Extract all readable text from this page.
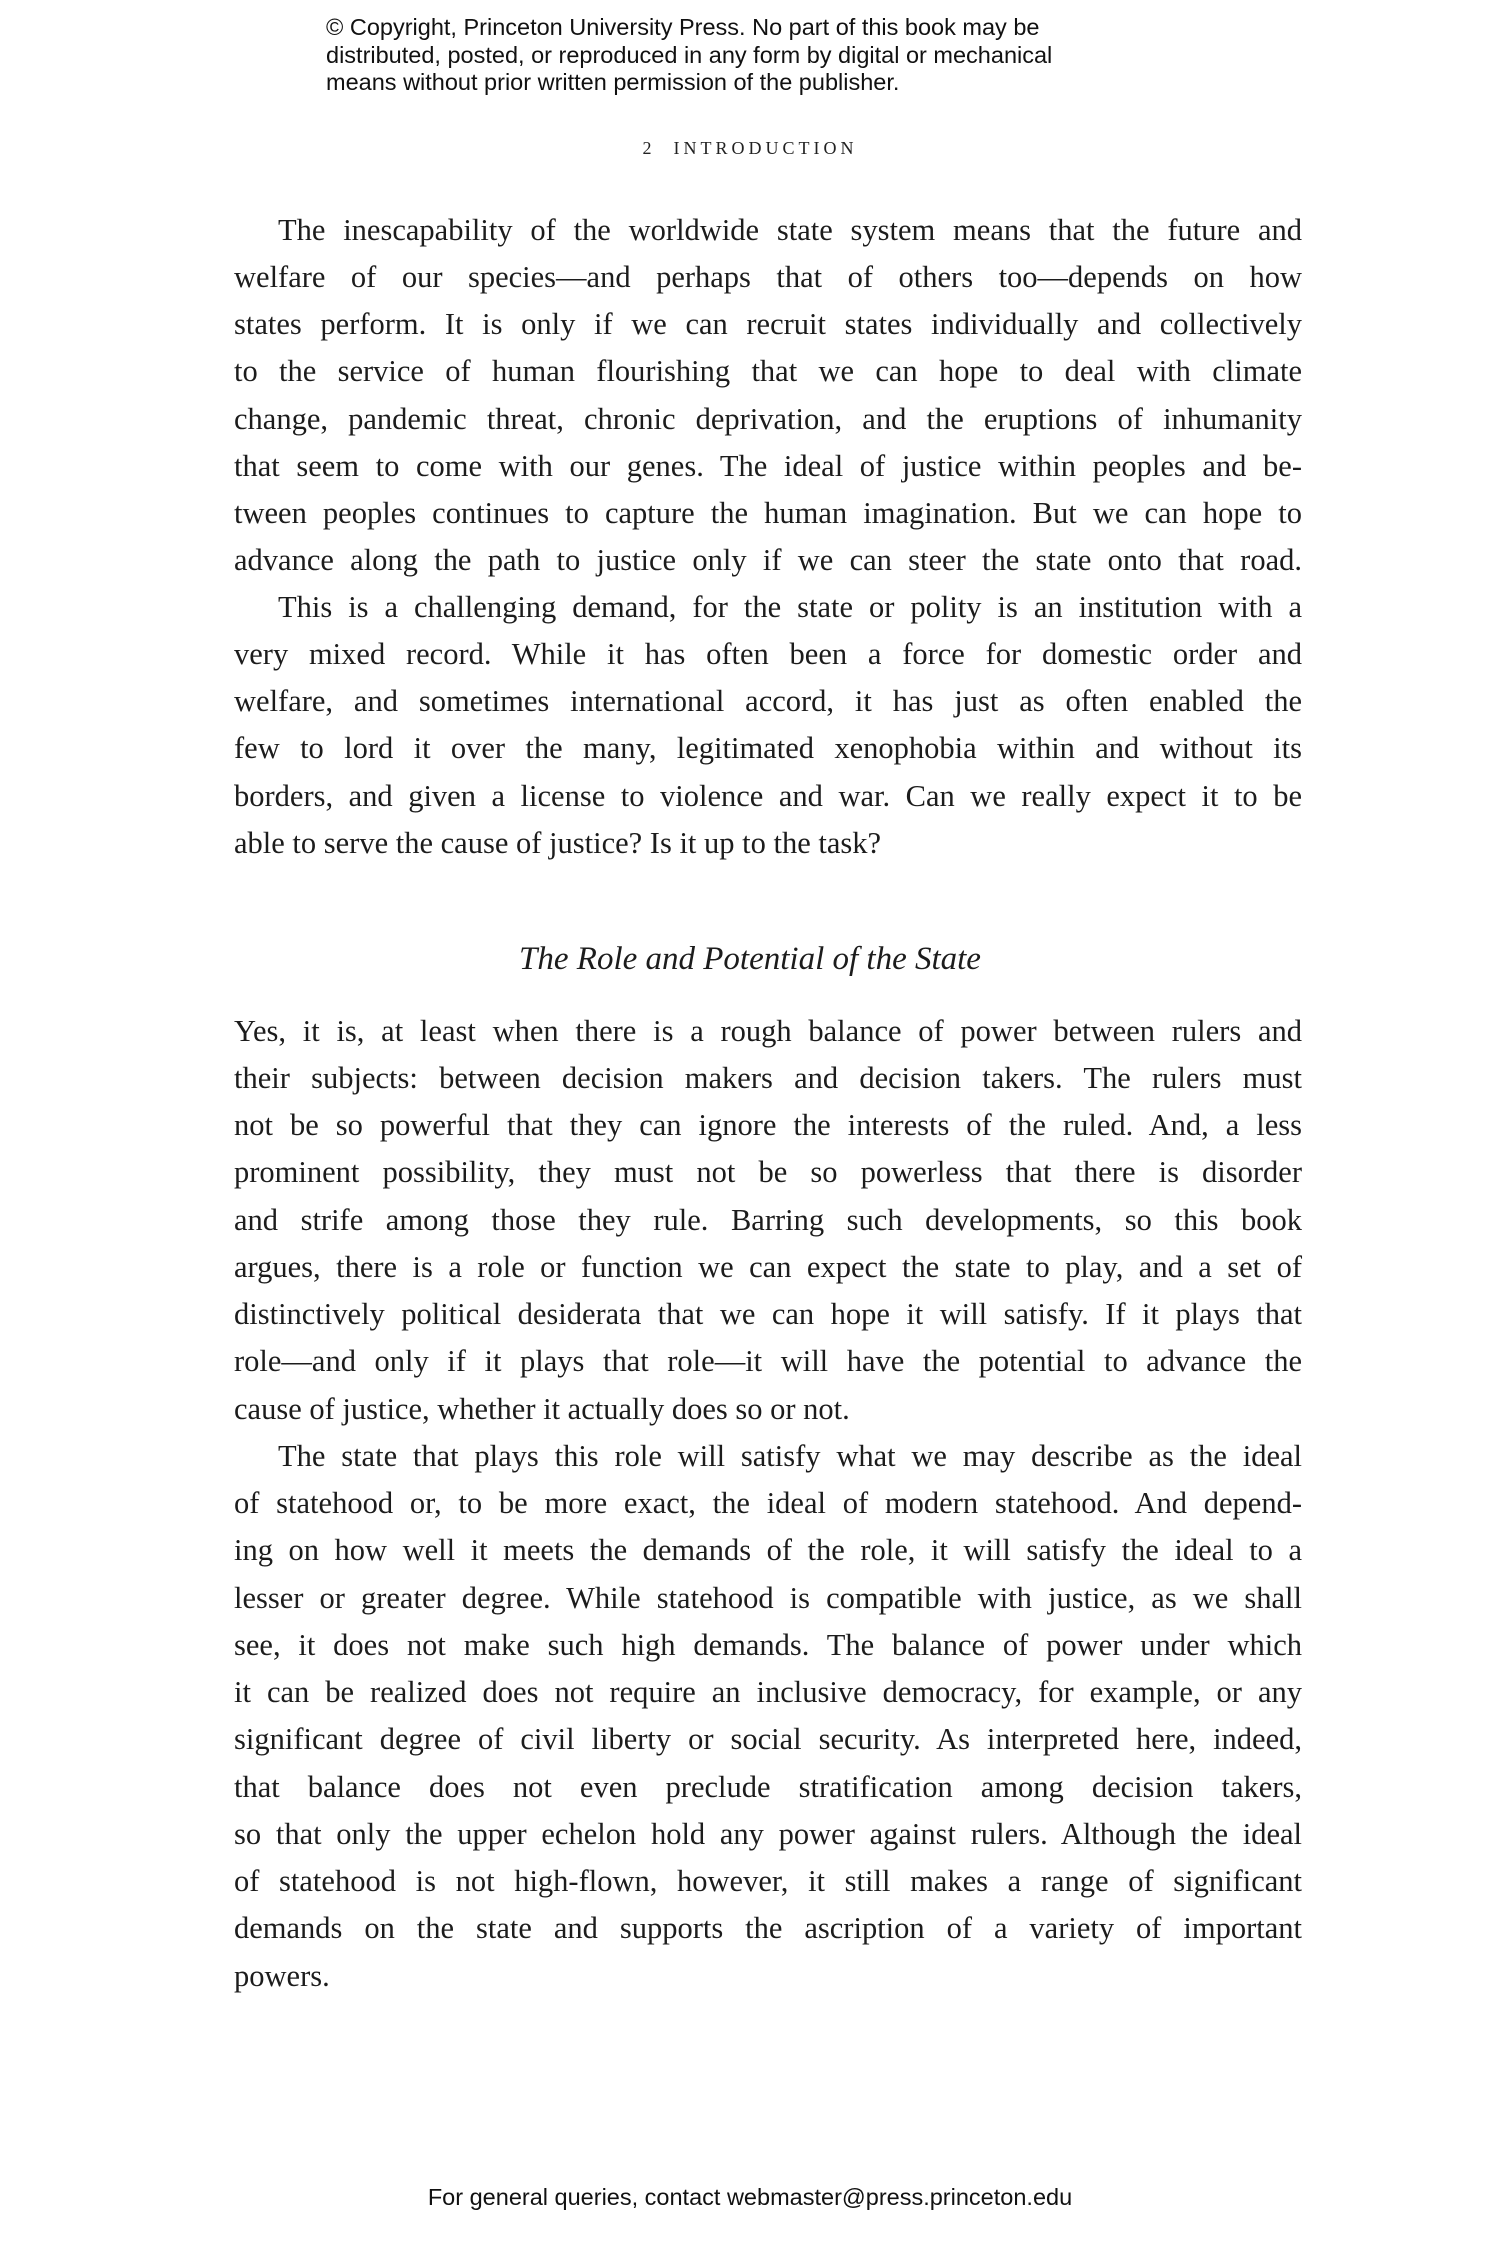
© Copyright, Princeton University Press. No part of this book may be
distributed, posted, or reproduced in any form by digital or mechanical
means without prior written permission of the publisher.
2 INTRODUCTION
The inescapability of the worldwide state system means that the future and
welfare of our species—and perhaps that of others too—depends on how
states perform. It is only if we can recruit states individually and collectively
to the service of human flourishing that we can hope to deal with climate
change, pandemic threat, chronic deprivation, and the eruptions of inhumanity
that seem to come with our genes. The ideal of justice within peoples and be-
tween peoples continues to capture the human imagination. But we can hope to
advance along the path to justice only if we can steer the state onto that road.
This is a challenging demand, for the state or polity is an institution with a
very mixed record. While it has often been a force for domestic order and
welfare, and sometimes international accord, it has just as often enabled the
few to lord it over the many, legitimated xenophobia within and without its
borders, and given a license to violence and war. Can we really expect it to be
able to serve the cause of justice? Is it up to the task?
The Role and Potential of the State
Yes, it is, at least when there is a rough balance of power between rulers and
their subjects: between decision makers and decision takers. The rulers must
not be so powerful that they can ignore the interests of the ruled. And, a less
prominent possibility, they must not be so powerless that there is disorder
and strife among those they rule. Barring such developments, so this book
argues, there is a role or function we can expect the state to play, and a set of
distinctively political desiderata that we can hope it will satisfy. If it plays that
role—and only if it plays that role—it will have the potential to advance the
cause of justice, whether it actually does so or not.
The state that plays this role will satisfy what we may describe as the ideal
of statehood or, to be more exact, the ideal of modern statehood. And depend-
ing on how well it meets the demands of the role, it will satisfy the ideal to a
lesser or greater degree. While statehood is compatible with justice, as we shall
see, it does not make such high demands. The balance of power under which
it can be realized does not require an inclusive democracy, for example, or any
significant degree of civil liberty or social security. As interpreted here, indeed,
that balance does not even preclude stratification among decision takers,
so that only the upper echelon hold any power against rulers. Although the ideal
of statehood is not high-flown, however, it still makes a range of significant
demands on the state and supports the ascription of a variety of important
powers.
For general queries, contact webmaster@press.princeton.edu
